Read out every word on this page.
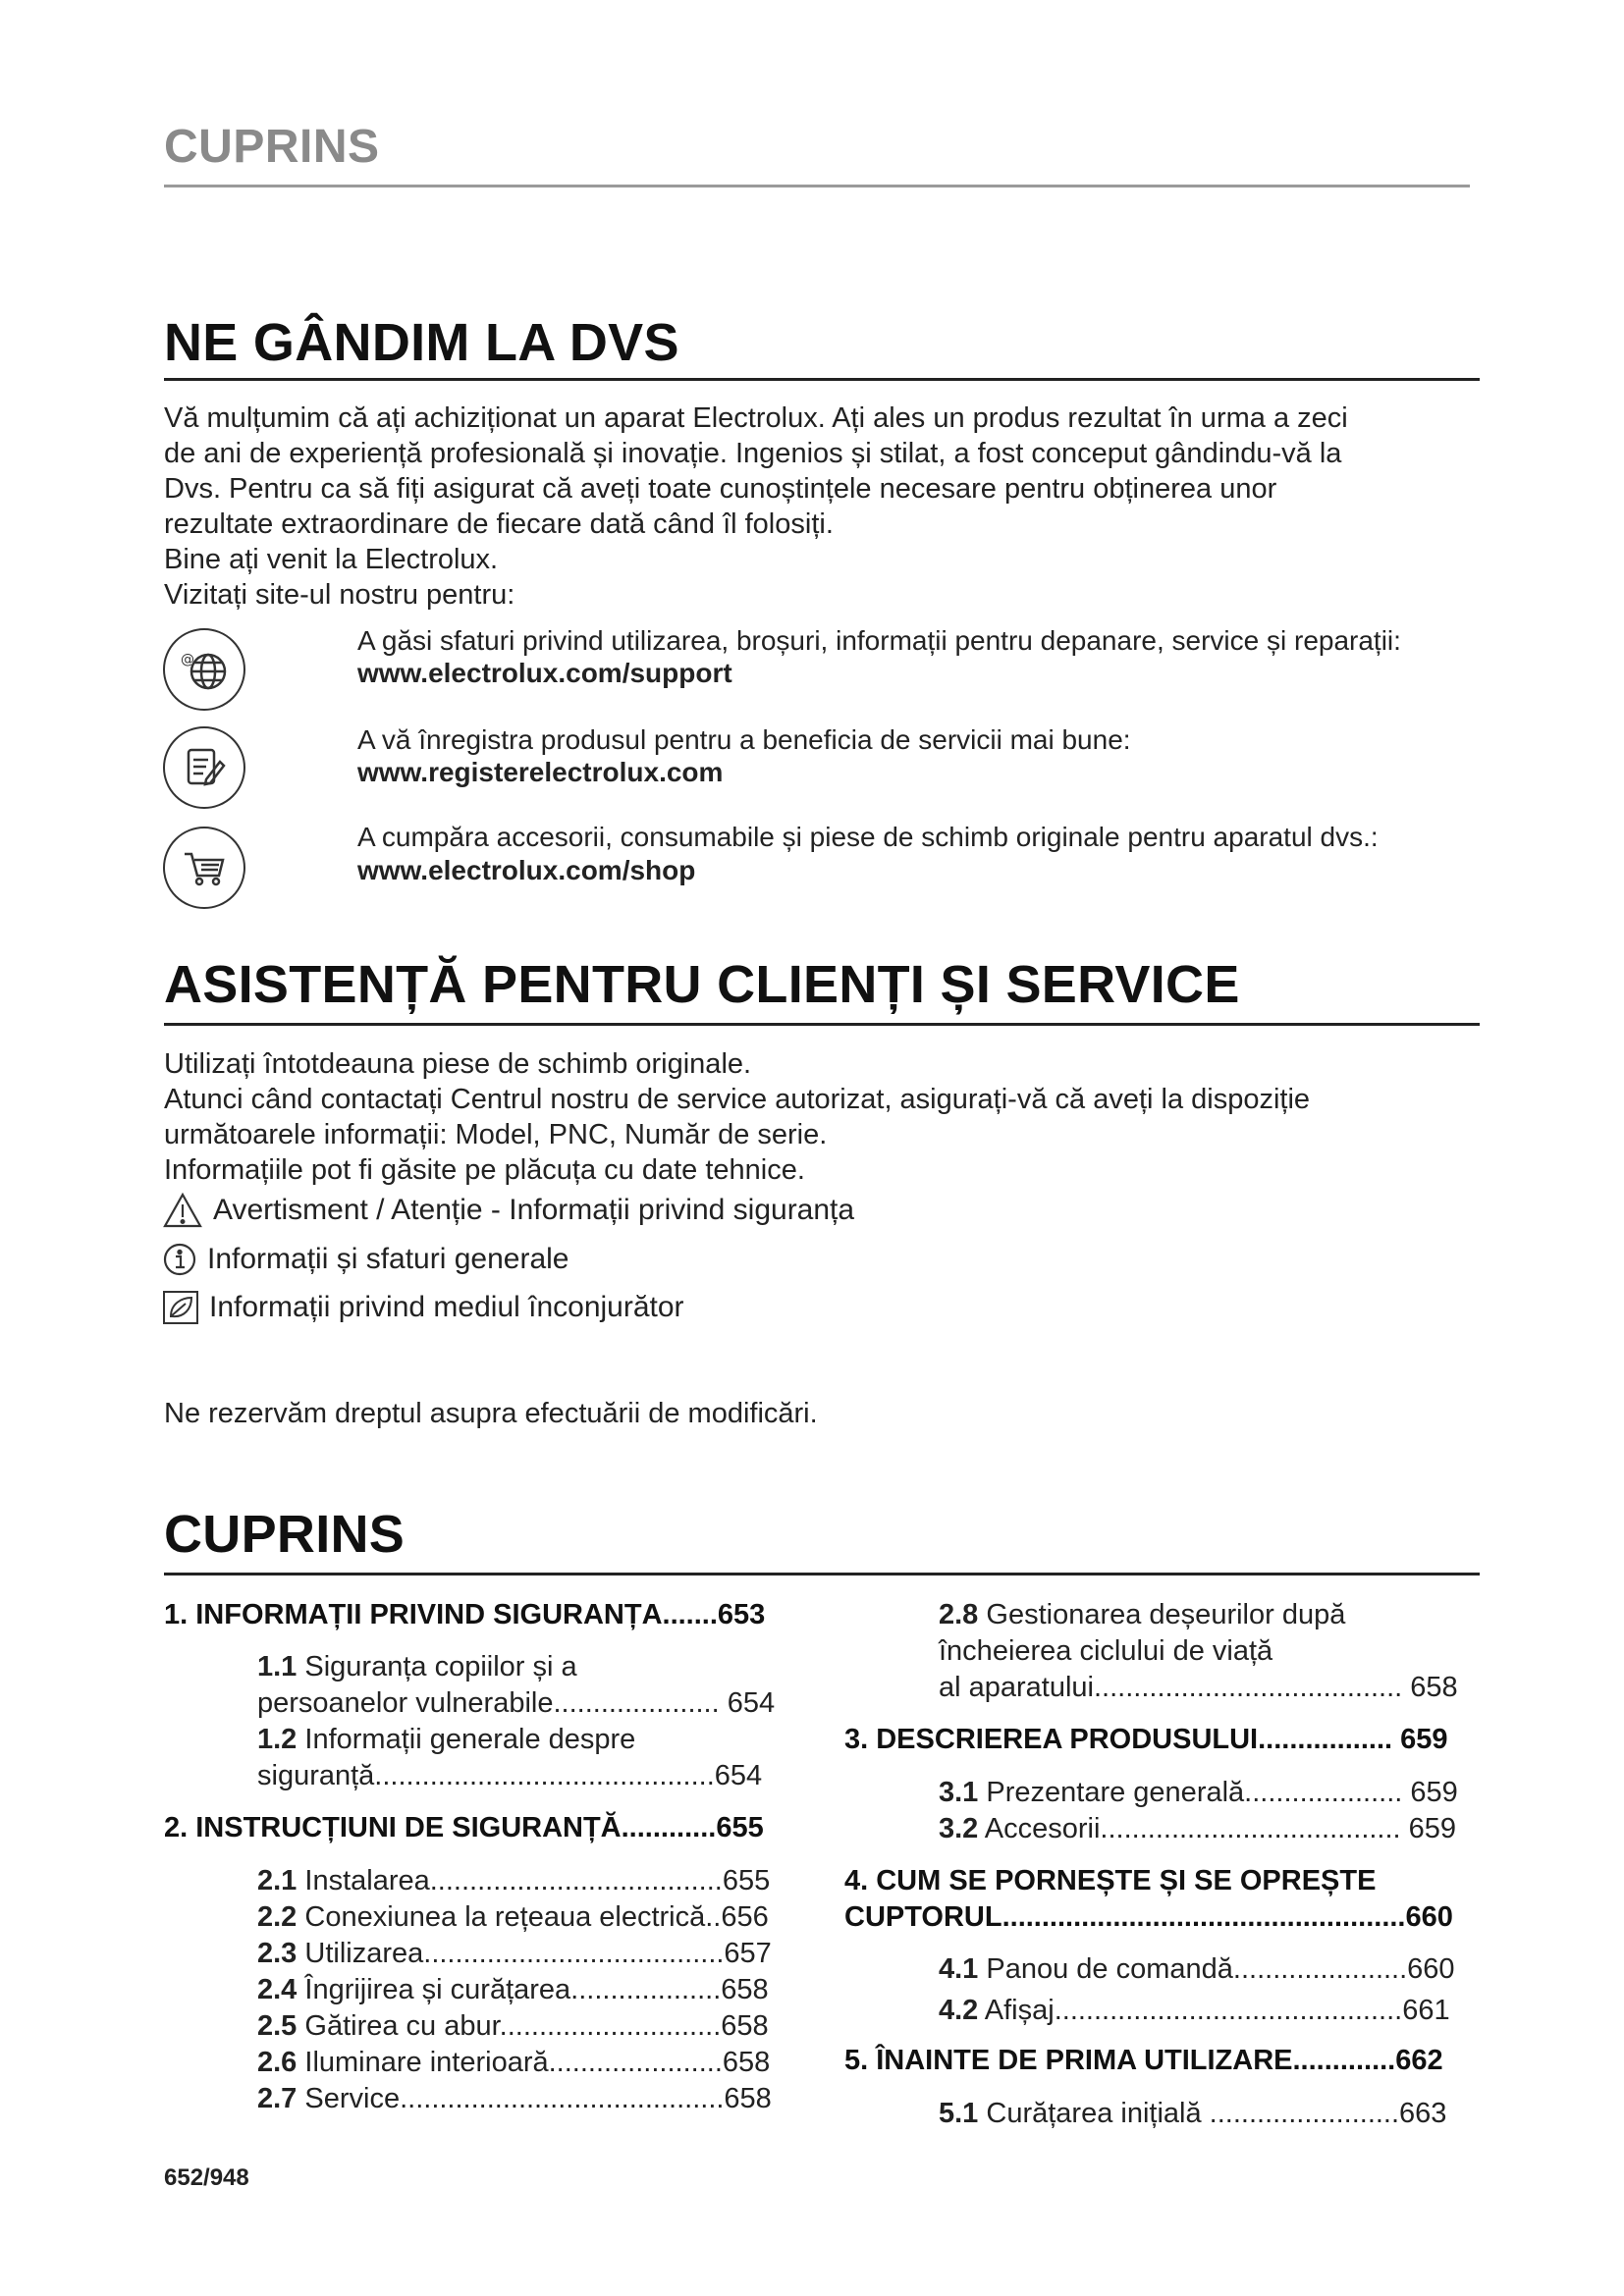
CUPRINS
NE GÂNDIM LA DVS
Vă mulțumim că ați achiziționat un aparat Electrolux. Ați ales un produs rezultat în urma a zeci
de ani de experiență profesională și inovație. Ingenios și stilat, a fost conceput gândindu-vă la
Dvs. Pentru ca să fiți asigurat că aveți toate cunoștințele necesare pentru obținerea unor
rezultate extraordinare de fiecare dată când îl folosiți.
Bine ați venit la Electrolux.
Vizitați site-ul nostru pentru:
@
A găsi sfaturi privind utilizarea, broșuri, informații pentru depanare, service și reparații:
www.electrolux.com/support
A vă înregistra produsul pentru a beneficia de servicii mai bune:
www.registerelectrolux.com
A cumpăra accesorii, consumabile și piese de schimb originale pentru aparatul dvs.:
www.electrolux.com/shop
ASISTENȚĂ PENTRU CLIENȚI ȘI SERVICE
Utilizați întotdeauna piese de schimb originale.
Atunci când contactați Centrul nostru de service autorizat, asigurați-vă că aveți la dispoziție
următoarele informații: Model, PNC, Număr de serie.
Informațiile pot fi găsite pe plăcuța cu date tehnice.
Avertisment / Atenție - Informații privind siguranța
Informații și sfaturi generale
Informații privind mediul înconjurător
Ne rezervăm dreptul asupra efectuării de modificări.
CUPRINS
1. INFORMAȚII PRIVIND SIGURANȚA.......653
1.1 Siguranța copiilor și a
persoanelor vulnerabile..................... 654
1.2 Informații generale despre
siguranță...........................................654
2. INSTRUCȚIUNI DE SIGURANȚĂ............655
2.1 Instalarea.....................................655
2.2 Conexiunea la rețeaua electrică..656
2.3 Utilizarea......................................657
2.4 Îngrijirea și curățarea...................658
2.5 Gătirea cu abur............................658
2.6 Iluminare interioară......................658
2.7 Service.........................................658
2.8 Gestionarea deșeurilor după
încheierea ciclului de viață
al aparatului....................................... 658
3. DESCRIEREA PRODUSULUI................. 659
3.1 Prezentare generală.................... 659
3.2 Accesorii...................................... 659
4. CUM SE PORNEȘTE ȘI SE OPREȘTE
CUPTORUL...................................................660
4.1 Panou de comandă......................660
4.2 Afișaj............................................661
5. ÎNAINTE DE PRIMA UTILIZARE.............662
5.1 Curățarea inițială ........................663
652/948
